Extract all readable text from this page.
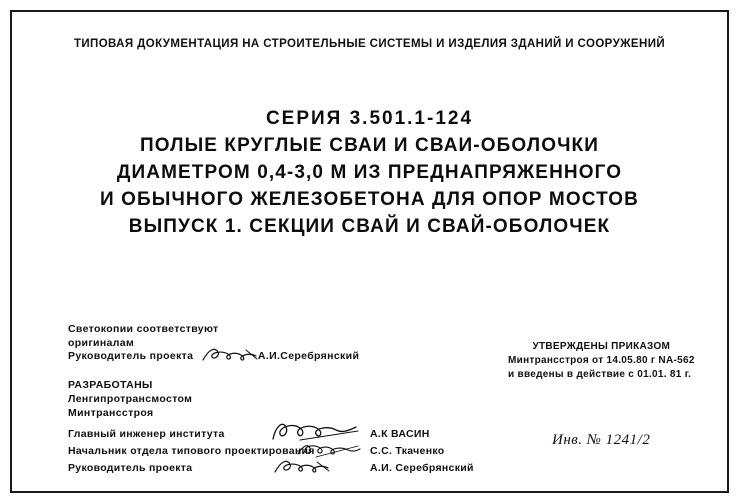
ТИПОВАЯ ДОКУМЕНТАЦИЯ НА СТРОИТЕЛЬНЫЕ СИСТЕМЫ И ИЗДЕЛИЯ ЗДАНИЙ И СООРУЖЕНИЙ
СЕРИЯ 3.501.1-124
ПОЛЫЕ КРУГЛЫЕ СВАИ И СВАИ-ОБОЛОЧКИ
ДИАМЕТРОМ 0,4-3,0 М ИЗ ПРЕДНАПРЯЖЕННОГО
И ОБЫЧНОГО ЖЕЛЕЗОБЕТОНА ДЛЯ ОПОР МОСТОВ
ВЫПУСК 1. СЕКЦИИ СВАЙ И СВАЙ-ОБОЛОЧЕК
Светокопии соответствуют
оригиналам
Руководитель проекта	А.И.Серебрянский
РАЗРАБОТАНЫ
Ленгипротрансмостом
Минтрансстроя
Главный инженер института	А.К ВАСИН
Начальник отдела типового проектирования	С.С. Ткаченко
Руководитель проекта	А.И. Серебрянский
УТВЕРЖДЕНЫ ПРИКАЗОМ
Минтрансстроя от 14.05.80 г NА-562
и введены в действие с 01.01. 81 г.
Инв. № 1241/2
